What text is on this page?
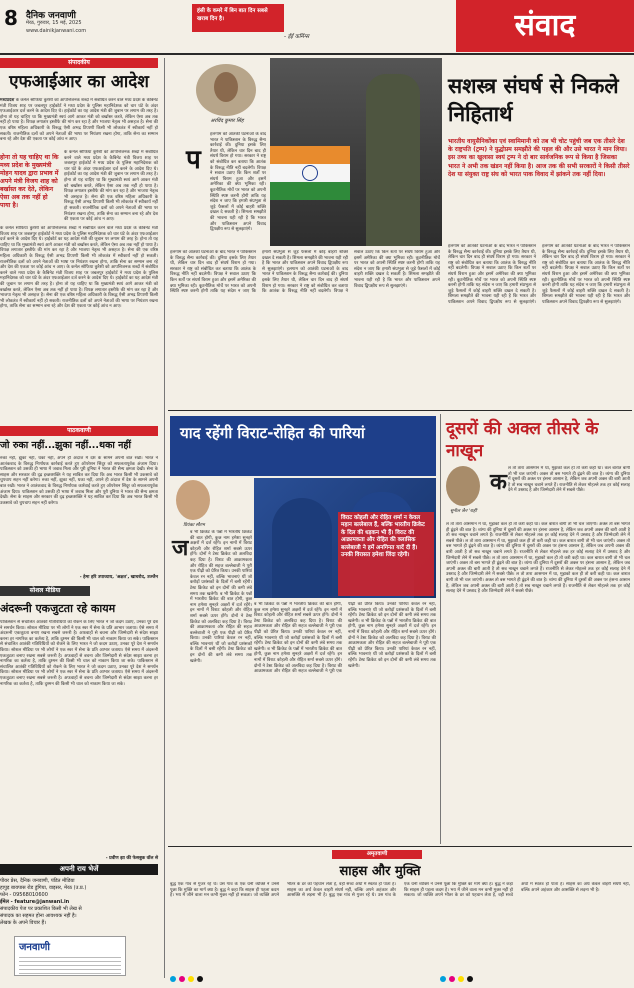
8 दैनिक जनवाणी
मेरठ, गुरुवार, 15 मई, 2025
www.dainikjanwani.com
हंसी के कमरे में बिन बात दिन सबसे खराब दिन है।
- ईई कमिंग्स	संवाद
संपादकीय
एफआईआर का आदेश
होना तो यह चाहिए था कि मध्य प्रदेश के मुख्यमंत्री मोहन यादव द्वारा प्रभाव में अपने मंत्री विजय शाह को बर्खास्त कर देते, लेकिन ऐसा अब तक नहीं हो पाया है।
मध्यप्रदेश के कर्नल सोफिया कुरैशी को आपत्तिजनक शब्दों में संबोधित करने वाले मध्य प्रदेश के कैबिनेट मंत्री विजय शाह पर जबलपुर हाईकोर्ट ने मध्य प्रदेश के पुलिस महानिदेशक को चार घंटे के अंदर एफआईआर दर्ज करने के आदेश दिए थे। हाईकोर्ट का यह आदेश मंत्री की जुबान पर लगाम की तरह है। होना तो यह चाहिए था कि मुख्यमंत्री स्वयं आगे आकर मंत्री को बर्खास्त करते, लेकिन ऐसा अब तक नहीं हो पाया है। विपक्ष लगातार इस्तीफे की मांग कर रहा है और भाजपा नेतृत्व भी असहज है। सेना की एक वरिष्ठ महिला अधिकारी के विरुद्ध ऐसी अभद्र टिप्पणी किसी भी लोकतंत्र में स्वीकार्य नहीं हो सकती। राजनीतिक दलों को अपने नेताओं की भाषा पर नियंत्रण रखना होगा, ताकि सेना का सम्मान बना रहे और देश की एकता पर कोई आंच न आए।
के कर्नल सोफिया कुरैशी को आपत्तिजनक शब्दों में संबोधित करने वाले मध्य प्रदेश के कैबिनेट मंत्री विजय शाह पर जबलपुर हाईकोर्ट ने मध्य प्रदेश के पुलिस महानिदेशक को चार घंटे के अंदर एफआईआर दर्ज करने के आदेश दिए थे। हाईकोर्ट का यह आदेश मंत्री की जुबान पर लगाम की तरह है। होना तो यह चाहिए था कि मुख्यमंत्री स्वयं आगे आकर मंत्री को बर्खास्त करते, लेकिन ऐसा अब तक नहीं हो पाया है। विपक्ष लगातार इस्तीफे की मांग कर रहा है और भाजपा नेतृत्व भी असहज है। सेना की एक वरिष्ठ महिला अधिकारी के विरुद्ध ऐसी अभद्र टिप्पणी किसी भी लोकतंत्र में स्वीकार्य नहीं हो सकती। राजनीतिक दलों को अपने नेताओं की भाषा पर नियंत्रण रखना होगा, ताकि सेना का सम्मान बना रहे और देश की एकता पर कोई आंच न आए।
के कर्नल सोफिया कुरैशी को आपत्तिजनक शब्दों में संबोधित करने वाले मध्य प्रदेश के कैबिनेट मंत्री विजय शाह पर जबलपुर हाईकोर्ट ने मध्य प्रदेश के पुलिस महानिदेशक को चार घंटे के अंदर एफआईआर दर्ज करने के आदेश दिए थे। हाईकोर्ट का यह आदेश मंत्री की जुबान पर लगाम की तरह है। होना तो यह चाहिए था कि मुख्यमंत्री स्वयं आगे आकर मंत्री को बर्खास्त करते, लेकिन ऐसा अब तक नहीं हो पाया है। विपक्ष लगातार इस्तीफे की मांग कर रहा है और भाजपा नेतृत्व भी असहज है। सेना की एक वरिष्ठ महिला अधिकारी के विरुद्ध ऐसी अभद्र टिप्पणी किसी भी लोकतंत्र में स्वीकार्य नहीं हो सकती। राजनीतिक दलों को अपने नेताओं की भाषा पर नियंत्रण रखना होगा, ताकि सेना का सम्मान बना रहे और देश की एकता पर कोई आंच न आए। के कर्नल सोफिया कुरैशी को आपत्तिजनक शब्दों में संबोधित करने वाले मध्य प्रदेश के कैबिनेट मंत्री विजय शाह पर जबलपुर हाईकोर्ट ने मध्य प्रदेश के पुलिस महानिदेशक को चार घंटे के अंदर एफआईआर दर्ज करने के आदेश दिए थे। हाईकोर्ट का यह आदेश मंत्री की जुबान पर लगाम की तरह है। होना तो यह चाहिए था कि मुख्यमंत्री स्वयं आगे आकर मंत्री को बर्खास्त करते, लेकिन ऐसा अब तक नहीं हो पाया है। विपक्ष लगातार इस्तीफे की मांग कर रहा है और भाजपा नेतृत्व भी असहज है। सेना की एक वरिष्ठ महिला अधिकारी के विरुद्ध ऐसी अभद्र टिप्पणी किसी भी लोकतंत्र में स्वीकार्य नहीं हो सकती। राजनीतिक दलों को अपने नेताओं की भाषा पर नियंत्रण रखना होगा, ताकि सेना का सम्मान बना रहे और देश की एकता पर कोई आंच न आए।
पाठकवाणी
जो रुका नहीं...झुका नहीं...थका नहीं
रुका नहीं, झुका नहीं, थका नहीं, अपने ही अंदाज में देश के सामने अपनी बात रखी। भारत ने आतंकवाद के विरुद्ध निर्णायक कार्रवाई करते हुए ऑपरेशन सिंदूर को सफलतापूर्वक अंजाम दिया। पाकिस्तान को उसकी ही भाषा में जवाब मिला और पूरी दुनिया ने भारत की सैन्य क्षमता देखी। सेना के साहस और सरकार की दृढ़ इच्छाशक्ति ने यह साबित कर दिया कि अब भारत किसी भी उकसावे को चुपचाप सहन नहीं करेगा। रुका नहीं, झुका नहीं, थका नहीं, अपने ही अंदाज में देश के सामने अपनी बात रखी। भारत ने आतंकवाद के विरुद्ध निर्णायक कार्रवाई करते हुए ऑपरेशन सिंदूर को सफलतापूर्वक अंजाम दिया। पाकिस्तान को उसकी ही भाषा में जवाब मिला और पूरी दुनिया ने भारत की सैन्य क्षमता देखी। सेना के साहस और सरकार की दृढ़ इच्छाशक्ति ने यह साबित कर दिया कि अब भारत किसी भी उकसावे को चुपचाप सहन नहीं करेगा।
- हेमा हरि उपाध्याय, 'अक्षत', खाचरोद, उज्जैन
सोशल मीडिया
अंदरूनी एकजुटता रहे कायम
पाकिस्तान से संचालित आतंकी गतिविधियों को रोकने के लिए भारत ने जो कदम उठाए, उनका पूरे देश ने समर्थन किया। सोशल मीडिया पर भी लोगों ने एक स्वर में सेना के प्रति आभार जताया। ऐसे समय में अंदरूनी एकजुटता बनाए रखना सबसे जरूरी है। अफवाहों से बचना और जिम्मेदारी से संदेश साझा करना हर नागरिक का कर्तव्य है, ताकि दुश्मन की किसी भी चाल को नाकाम किया जा सके। पाकिस्तान से संचालित आतंकी गतिविधियों को रोकने के लिए भारत ने जो कदम उठाए, उनका पूरे देश ने समर्थन किया। सोशल मीडिया पर भी लोगों ने एक स्वर में सेना के प्रति आभार जताया। ऐसे समय में अंदरूनी एकजुटता बनाए रखना सबसे जरूरी है। अफवाहों से बचना और जिम्मेदारी से संदेश साझा करना हर नागरिक का कर्तव्य है, ताकि दुश्मन की किसी भी चाल को नाकाम किया जा सके। पाकिस्तान से संचालित आतंकी गतिविधियों को रोकने के लिए भारत ने जो कदम उठाए, उनका पूरे देश ने समर्थन किया। सोशल मीडिया पर भी लोगों ने एक स्वर में सेना के प्रति आभार जताया। ऐसे समय में अंदरूनी एकजुटता बनाए रखना सबसे जरूरी है। अफवाहों से बचना और जिम्मेदारी से संदेश साझा करना हर नागरिक का कर्तव्य है, ताकि दुश्मन की किसी भी चाल को नाकाम किया जा सके।
- प्रवीण झा की फेसबुक वॉल से
अपनी राय भेजें
पीयर प्रेस, दैनिक जनवाणी, पंडित मीडिया
हापुड़ बायपास रोड डुंगिया, वाइसर, मेरठ (उ.प्र.)
फोन - 09568010600
ईमेल - feature@janwani.in
संपादकीय पेज पर प्रकाशित किसी भी लेख से
संपादक का सहमत होना आवश्यक नहीं है।
लेखक के अपने विचार हैं।
जनवाणी
अरविंद कुमार सिंह
सशस्त्र संघर्ष से निकले निहितार्थ
भारतीय वायुसैनिकोंका एवं स्वामिमानी को तब भी चोट पहुंची जब एक तीसरे देश के राष्ट्रपति (ट्रम्प) ने युद्धोप्रम समझौते की पहल की और उसे भारत ने मान लिया। इस तथ्य का खुलासा स्वयं ट्रम्प ने दो बार सार्वजनिक रूप से किया है जिसका भारत ने अभी तक खंडन नहीं किया है। आज तक की सभी सरकारों ने किसी तीसरे देश या संयुक्त राष्ट्र संघ को भारत पाक विवाद में झांकने तक नहीं दिया।
प
हलगाम को आतंकी घटनाओं के बाद भारत ने पाकिस्तान के विरुद्ध सैन्य कार्रवाई की। दुनिया इसके लिए तैयार थी, लेकिन चार दिन बाद ही संघर्ष विराम हो गया। सरकार ने राष्ट्र को संबोधित कर बताया कि आतंक के विरुद्ध नीति नहीं बदलेगी। विपक्ष ने सवाल उठाए कि किन शर्तों पर संघर्ष विराम हुआ और इसमें अमेरिका की क्या भूमिका रही। कूटनीतिक मोर्चे पर भारत को अपनी स्थिति स्पष्ट करनी होगी ताकि यह संदेश न जाए कि हमारी संप्रभुता से जुड़े फैसलों में कोई बाहरी शक्ति दखल दे सकती है। शिमला समझौते की भावना यही रही है कि भारत और पाकिस्तान अपने विवाद द्विपक्षीय रूप से सुलझाएंगे।
हलगाम को आतंकी घटनाओं के बाद भारत ने पाकिस्तान के विरुद्ध सैन्य कार्रवाई की। दुनिया इसके लिए तैयार थी, लेकिन चार दिन बाद ही संघर्ष विराम हो गया। सरकार ने राष्ट्र को संबोधित कर बताया कि आतंक के विरुद्ध नीति नहीं बदलेगी। विपक्ष ने सवाल उठाए कि किन शर्तों पर संघर्ष विराम हुआ और इसमें अमेरिका की क्या भूमिका रही। कूटनीतिक मोर्चे पर भारत को अपनी स्थिति स्पष्ट करनी होगी ताकि यह संदेश न जाए कि हमारी संप्रभुता से जुड़े फैसलों में कोई बाहरी शक्ति दखल दे सकती है। शिमला समझौते की भावना यही रही है कि भारत और पाकिस्तान अपने विवाद द्विपक्षीय रूप से सुलझाएंगे। हलगाम को आतंकी घटनाओं के बाद भारत ने पाकिस्तान के विरुद्ध सैन्य कार्रवाई की। दुनिया इसके लिए तैयार थी, लेकिन चार दिन बाद ही संघर्ष विराम हो गया। सरकार ने राष्ट्र को संबोधित कर बताया कि आतंक के विरुद्ध नीति नहीं बदलेगी। विपक्ष ने सवाल उठाए कि किन शर्तों पर संघर्ष विराम हुआ और इसमें अमेरिका की क्या भूमिका रही। कूटनीतिक मोर्चे पर भारत को अपनी स्थिति स्पष्ट करनी होगी ताकि यह संदेश न जाए कि हमारी संप्रभुता से जुड़े फैसलों में कोई बाहरी शक्ति दखल दे सकती है। शिमला समझौते की भावना यही रही है कि भारत और पाकिस्तान अपने विवाद द्विपक्षीय रूप से सुलझाएंगे।
हलगाम को आतंकी घटनाओं के बाद भारत ने पाकिस्तान के विरुद्ध सैन्य कार्रवाई की। दुनिया इसके लिए तैयार थी, लेकिन चार दिन बाद ही संघर्ष विराम हो गया। सरकार ने राष्ट्र को संबोधित कर बताया कि आतंक के विरुद्ध नीति नहीं बदलेगी। विपक्ष ने सवाल उठाए कि किन शर्तों पर संघर्ष विराम हुआ और इसमें अमेरिका की क्या भूमिका रही। कूटनीतिक मोर्चे पर भारत को अपनी स्थिति स्पष्ट करनी होगी ताकि यह संदेश न जाए कि हमारी संप्रभुता से जुड़े फैसलों में कोई बाहरी शक्ति दखल दे सकती है। शिमला समझौते की भावना यही रही है कि भारत और पाकिस्तान अपने विवाद द्विपक्षीय रूप से सुलझाएंगे। हलगाम को आतंकी घटनाओं के बाद भारत ने पाकिस्तान के विरुद्ध सैन्य कार्रवाई की। दुनिया इसके लिए तैयार थी, लेकिन चार दिन बाद ही संघर्ष विराम हो गया। सरकार ने राष्ट्र को संबोधित कर बताया कि आतंक के विरुद्ध नीति नहीं बदलेगी। विपक्ष ने सवाल उठाए कि किन शर्तों पर संघर्ष विराम हुआ और इसमें अमेरिका की क्या भूमिका रही। कूटनीतिक मोर्चे पर भारत को अपनी स्थिति स्पष्ट करनी होगी ताकि यह संदेश न जाए कि हमारी संप्रभुता से जुड़े फैसलों में कोई बाहरी शक्ति दखल दे सकती है। शिमला समझौते की भावना यही रही है कि भारत और पाकिस्तान अपने विवाद द्विपक्षीय रूप से सुलझाएंगे।
याद रहेंगी विराट-रोहित की पारियां
प्रियंका सौरभ
ज
ब भी क्रिकेट के पन्नों में भारतीय क्रिकेट की बात होगी, कुछ नाम हमेशा सुनहरे अक्षरों में दर्ज रहेंगे। इन नामों में विराट कोहली और रोहित शर्मा सबसे ऊपर होंगे। दोनों ने टेस्ट क्रिकेट को अलविदा कह दिया है। विराट की आक्रामकता और रोहित की सहज बल्लेबाजी ने पूरी एक पीढ़ी को प्रेरित किया। उनकी पारियां केवल रन नहीं, बल्कि भावनाएं थीं जो करोड़ों प्रशंसकों के दिलों में बसी रहेंगी। टेस्ट क्रिकेट को इन दोनों की कमी लंबे समय तक खलेगी। ब भी क्रिकेट के पन्नों में भारतीय क्रिकेट की बात होगी, कुछ नाम हमेशा सुनहरे अक्षरों में दर्ज रहेंगे। इन नामों में विराट कोहली और रोहित शर्मा सबसे ऊपर होंगे। दोनों ने टेस्ट क्रिकेट को अलविदा कह दिया है। विराट की आक्रामकता और रोहित की सहज बल्लेबाजी ने पूरी एक पीढ़ी को प्रेरित किया। उनकी पारियां केवल रन नहीं, बल्कि भावनाएं थीं जो करोड़ों प्रशंसकों के दिलों में बसी रहेंगी। टेस्ट क्रिकेट को इन दोनों की कमी लंबे समय तक खलेगी।
ब भी क्रिकेट के पन्नों में भारतीय क्रिकेट की बात होगी, कुछ नाम हमेशा सुनहरे अक्षरों में दर्ज रहेंगे। इन नामों में विराट कोहली और रोहित शर्मा सबसे ऊपर होंगे। दोनों ने टेस्ट क्रिकेट को अलविदा कह दिया है। विराट की आक्रामकता और रोहित की सहज बल्लेबाजी ने पूरी एक पीढ़ी को प्रेरित किया। उनकी पारियां केवल रन नहीं, बल्कि भावनाएं थीं जो करोड़ों प्रशंसकों के दिलों में बसी रहेंगी। टेस्ट क्रिकेट को इन दोनों की कमी लंबे समय तक खलेगी। ब भी क्रिकेट के पन्नों में भारतीय क्रिकेट की बात होगी, कुछ नाम हमेशा सुनहरे अक्षरों में दर्ज रहेंगे। इन नामों में विराट कोहली और रोहित शर्मा सबसे ऊपर होंगे। दोनों ने टेस्ट क्रिकेट को अलविदा कह दिया है। विराट की आक्रामकता और रोहित की सहज बल्लेबाजी ने पूरी एक पीढ़ी को प्रेरित किया। उनकी पारियां केवल रन नहीं, बल्कि भावनाएं थीं जो करोड़ों प्रशंसकों के दिलों में बसी रहेंगी। टेस्ट क्रिकेट को इन दोनों की कमी लंबे समय तक खलेगी। ब भी क्रिकेट के पन्नों में भारतीय क्रिकेट की बात होगी, कुछ नाम हमेशा सुनहरे अक्षरों में दर्ज रहेंगे। इन नामों में विराट कोहली और रोहित शर्मा सबसे ऊपर होंगे। दोनों ने टेस्ट क्रिकेट को अलविदा कह दिया है। विराट की आक्रामकता और रोहित की सहज बल्लेबाजी ने पूरी एक पीढ़ी को प्रेरित किया। उनकी पारियां केवल रन नहीं, बल्कि भावनाएं थीं जो करोड़ों प्रशंसकों के दिलों में बसी रहेंगी। टेस्ट क्रिकेट को इन दोनों की कमी लंबे समय तक खलेगी।
दूसरों की अक्ल तीसरे के नाखून
सुनील जैन 'राही'
क
ल तो तारा आसमान में था, मुझको कल ही तो करी कही था। कल बारात बागी तो भी चल जाएंगी। अक्ल तो बस भागते ही ढूंढ़ने की बात है। व्यंग्य की दुनिया में दूसरों की अक्ल पर हंसना आसान है, लेकिन जब अपनी अक्ल की बारी आती है तो सब नाखून चबाने लगते हैं। राजनीति से लेकर मोहल्ले तक हर कोई सलाह देने में उस्ताद है और जिम्मेदारी लेने में सबसे पीछे।
ल तो तारा आसमान में था, मुझको कल ही तो करी कही था। कल बारात बागी तो भी चल जाएंगी। अक्ल तो बस भागते ही ढूंढ़ने की बात है। व्यंग्य की दुनिया में दूसरों की अक्ल पर हंसना आसान है, लेकिन जब अपनी अक्ल की बारी आती है तो सब नाखून चबाने लगते हैं। राजनीति से लेकर मोहल्ले तक हर कोई सलाह देने में उस्ताद है और जिम्मेदारी लेने में सबसे पीछे। ल तो तारा आसमान में था, मुझको कल ही तो करी कही था। कल बारात बागी तो भी चल जाएंगी। अक्ल तो बस भागते ही ढूंढ़ने की बात है। व्यंग्य की दुनिया में दूसरों की अक्ल पर हंसना आसान है, लेकिन जब अपनी अक्ल की बारी आती है तो सब नाखून चबाने लगते हैं। राजनीति से लेकर मोहल्ले तक हर कोई सलाह देने में उस्ताद है और जिम्मेदारी लेने में सबसे पीछे। ल तो तारा आसमान में था, मुझको कल ही तो करी कही था। कल बारात बागी तो भी चल जाएंगी। अक्ल तो बस भागते ही ढूंढ़ने की बात है। व्यंग्य की दुनिया में दूसरों की अक्ल पर हंसना आसान है, लेकिन जब अपनी अक्ल की बारी आती है तो सब नाखून चबाने लगते हैं। राजनीति से लेकर मोहल्ले तक हर कोई सलाह देने में उस्ताद है और जिम्मेदारी लेने में सबसे पीछे। ल तो तारा आसमान में था, मुझको कल ही तो करी कही था। कल बारात बागी तो भी चल जाएंगी। अक्ल तो बस भागते ही ढूंढ़ने की बात है। व्यंग्य की दुनिया में दूसरों की अक्ल पर हंसना आसान है, लेकिन जब अपनी अक्ल की बारी आती है तो सब नाखून चबाने लगते हैं। राजनीति से लेकर मोहल्ले तक हर कोई सलाह देने में उस्ताद है और जिम्मेदारी लेने में सबसे पीछे।
विराट कोहली और रोहित शर्मा न केवल महान बल्लेबाज हैं, बल्कि भारतीय क्रिकेट के दिल की धड़कन भी हैं। विराट की आक्रामकता और रोहित की क्लासिक बल्लेबाजी ने हमें अनगिनत यादें दी हैं। उनकी विरासत हमेशा जिंदा रहेगी।
अमृतवाणी
साहस और मुक्ति
बुद्ध एक गांव से गुजर रहे थे। उस गांव के एक धनी व्यक्ति ने उनसे पूछा कि मुक्ति का मार्ग क्या है। बुद्ध ने कहा कि साहस ही पहला कदम है। भय में जीने वाला मन कभी मुक्त नहीं हो सकता। जो व्यक्ति अपने भीतर के डर को पहचान लेता है, वही सच्चे अर्थों में स्वतंत्र हो पाता है। साहस का अर्थ केवल बाहरी संघर्ष नहीं, बल्कि अपने अहंकार और आसक्ति से लड़ना भी है। बुद्ध एक गांव से गुजर रहे थे। उस गांव के एक धनी व्यक्ति ने उनसे पूछा कि मुक्ति का मार्ग क्या है। बुद्ध ने कहा कि साहस ही पहला कदम है। भय में जीने वाला मन कभी मुक्त नहीं हो सकता। जो व्यक्ति अपने भीतर के डर को पहचान लेता है, वही सच्चे अर्थों में स्वतंत्र हो पाता है। साहस का अर्थ केवल बाहरी संघर्ष नहीं, बल्कि अपने अहंकार और आसक्ति से लड़ना भी है।
